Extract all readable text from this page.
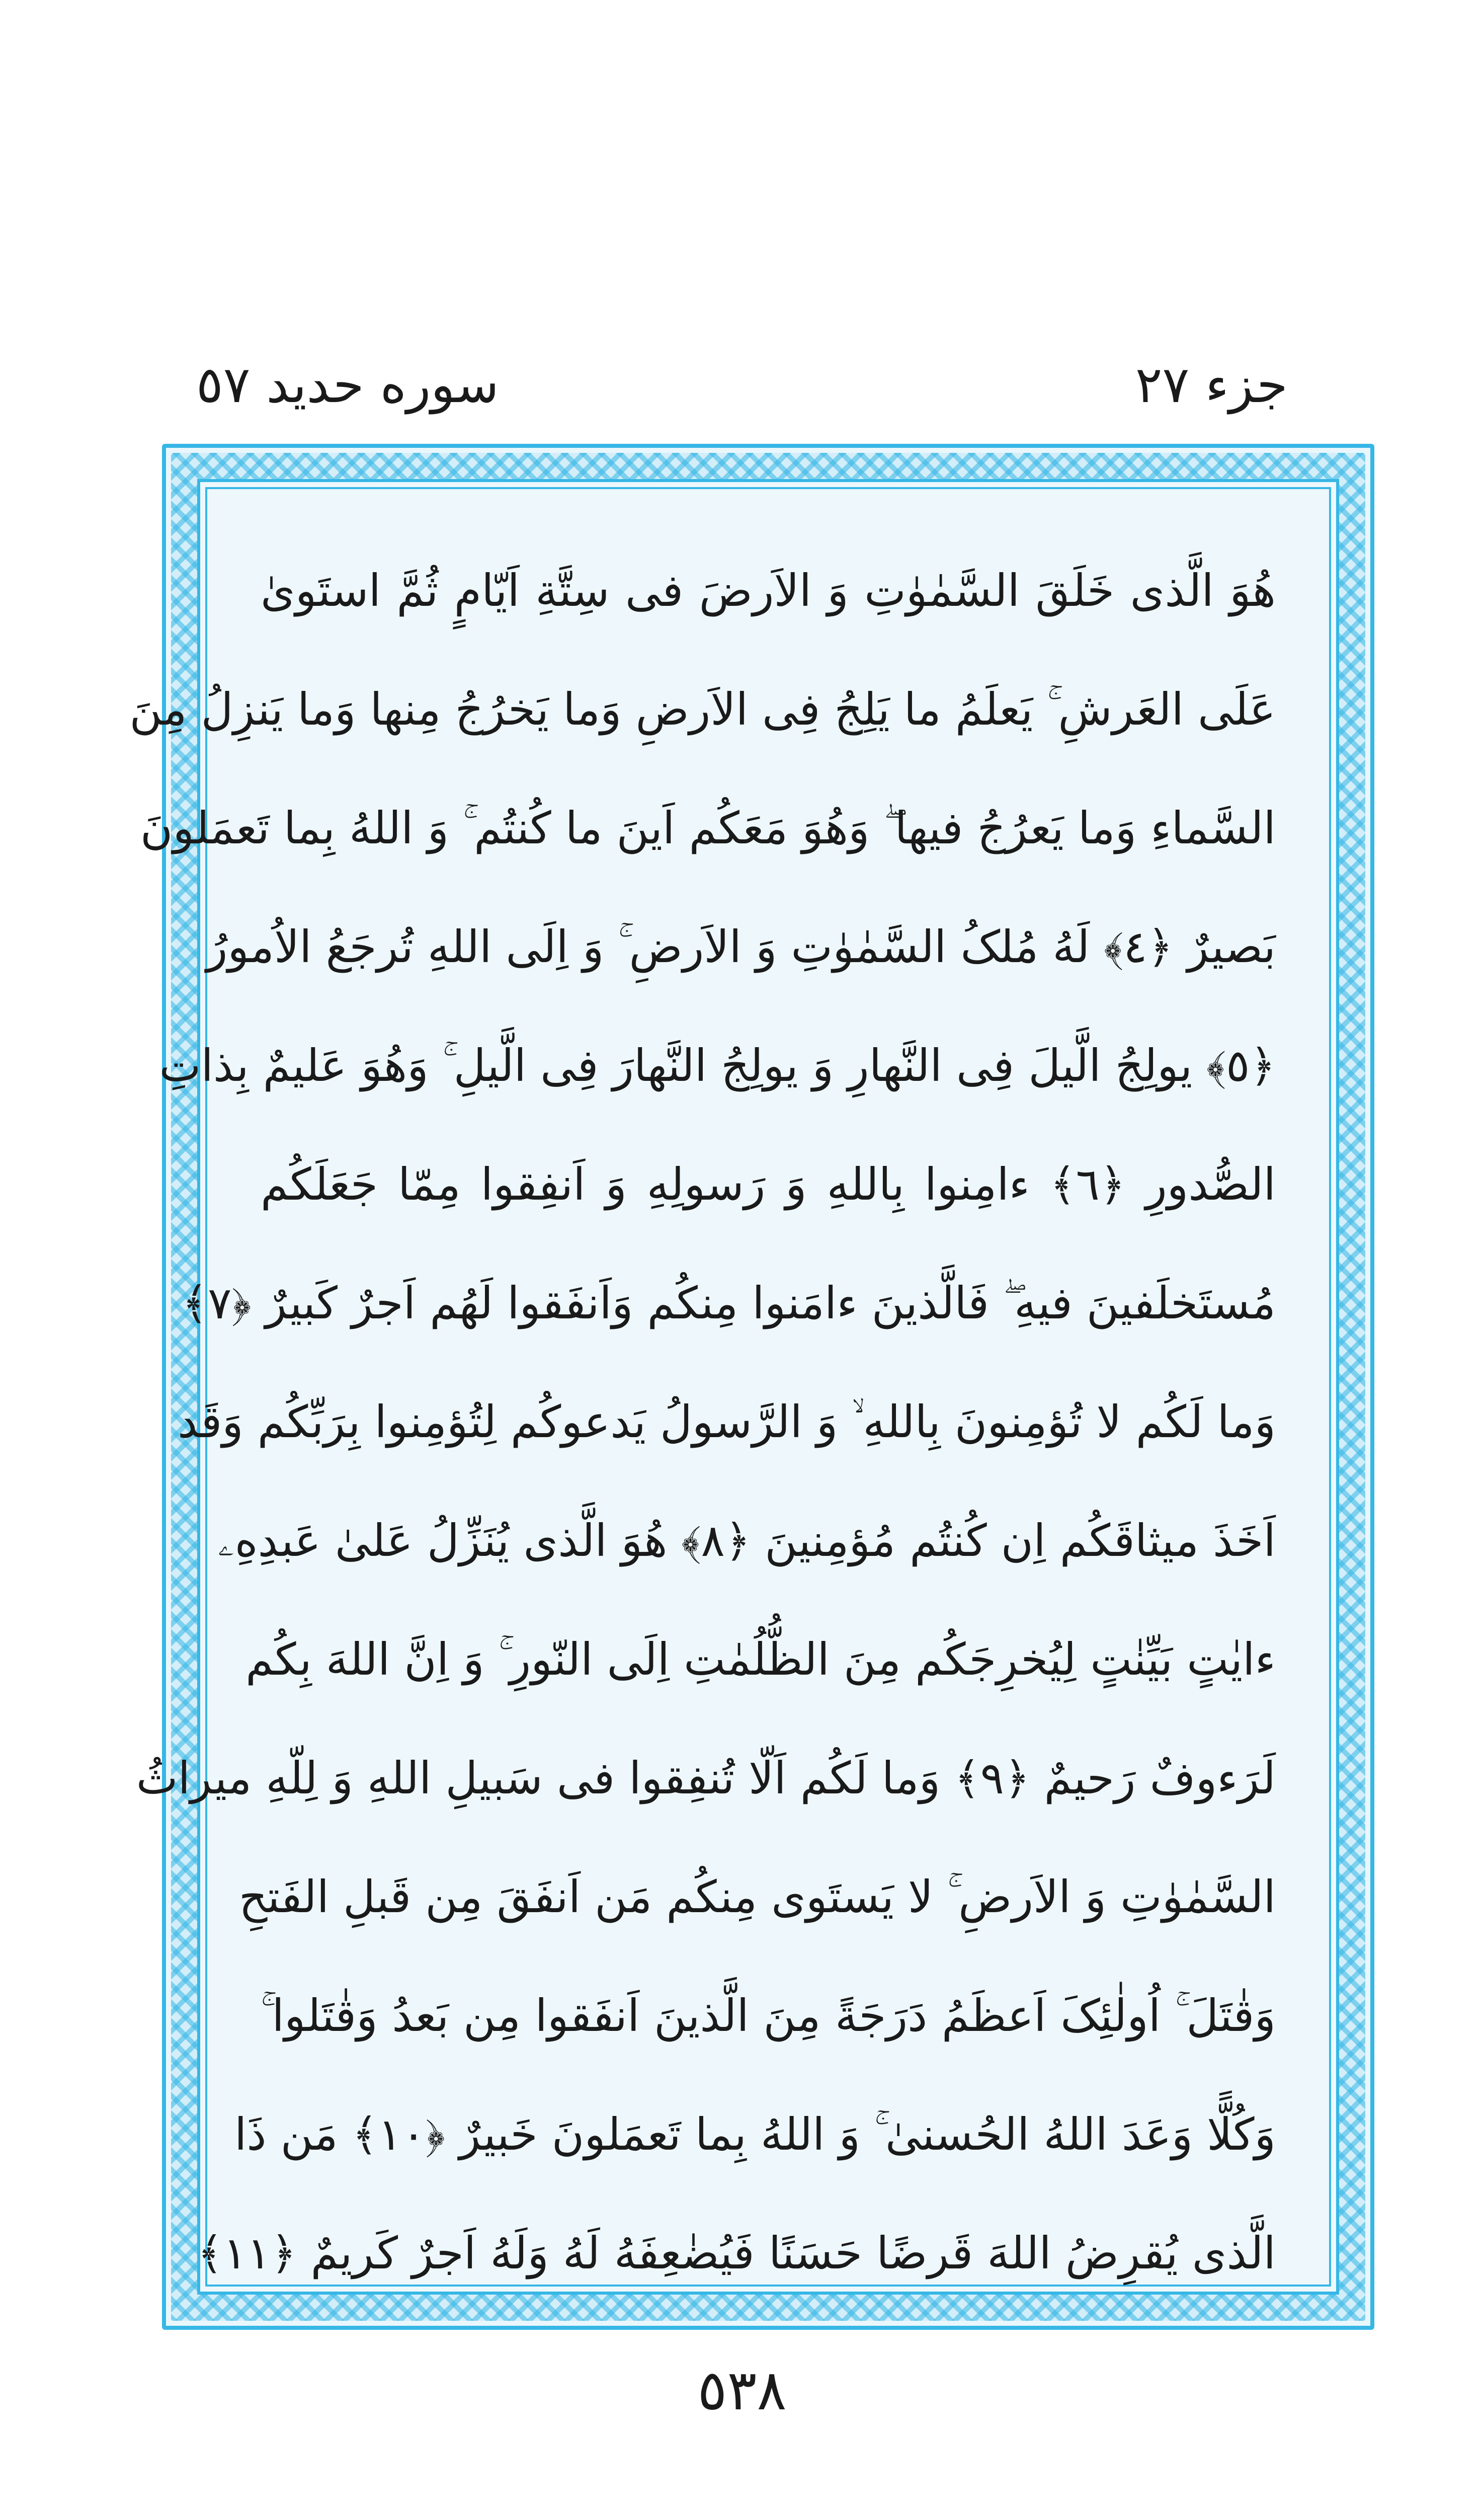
جزء ٢٧
سوره حدید ٥٧
هُوَ الَّذی خَلَقَ السَّمٰوٰتِ وَ الاَرضَ فی سِتَّةِ اَیّامٍ ثُمَّ استَویٰ
عَلَی العَرشِ ۚ یَعلَمُ ما یَلِجُ فِی الاَرضِ وَما یَخرُجُ مِنها وَما یَنزِلُ مِنَ
السَّماءِ وَما یَعرُجُ فیها ۖ وَهُوَ مَعَکُم اَینَ ما کُنتُم ۚ وَ اللهُ بِما تَعمَلونَ
بَصیرٌ ﴿٤﴾ لَهُ مُلکُ السَّمٰوٰتِ وَ الاَرضِ ۚ وَ اِلَی اللهِ تُرجَعُ الاُمورُ
﴿٥﴾ یولِجُ الَّیلَ فِی النَّهارِ وَ یولِجُ النَّهارَ فِی الَّیلِ ۚ وَهُوَ عَلیمٌ بِذاتِ
الصُّدورِ ﴿٦﴾ ءامِنوا بِاللهِ وَ رَسولِهِ وَ اَنفِقوا مِمّا جَعَلَکُم
مُستَخلَفینَ فیهِ ۖ فَالَّذینَ ءامَنوا مِنکُم وَاَنفَقوا لَهُم اَجرٌ کَبیرٌ ﴿٧﴾
وَما لَکُم لا تُؤمِنونَ بِاللهِ ۙ وَ الرَّسولُ یَدعوکُم لِتُؤمِنوا بِرَبِّکُم وَقَد
اَخَذَ میثاقَکُم اِن کُنتُم مُؤمِنینَ ﴿٨﴾ هُوَ الَّذی یُنَزِّلُ عَلیٰ عَبدِهِۦ
ءایٰتٍ بَیِّنٰتٍ لِیُخرِجَکُم مِنَ الظُّلُمٰتِ اِلَی النّورِ ۚ وَ اِنَّ اللهَ بِکُم
لَرَءوفٌ رَحیمٌ ﴿٩﴾ وَما لَکُم اَلّا تُنفِقوا فی سَبیلِ اللهِ وَ لِلّهِ میراثُ
السَّمٰوٰتِ وَ الاَرضِ ۚ لا یَستَوی مِنکُم مَن اَنفَقَ مِن قَبلِ الفَتحِ
وَقٰتَلَ ۚ اُولٰئِکَ اَعظَمُ دَرَجَةً مِنَ الَّذینَ اَنفَقوا مِن بَعدُ وَقٰتَلوا ۚ
وَکُلًّا وَعَدَ اللهُ الحُسنیٰ ۚ وَ اللهُ بِما تَعمَلونَ خَبیرٌ ﴿١٠﴾ مَن ذَا
الَّذی یُقرِضُ اللهَ قَرضًا حَسَنًا فَیُضٰعِفَهُ لَهُ وَلَهُ اَجرٌ کَریمٌ ﴿١١﴾
٥٣٨
